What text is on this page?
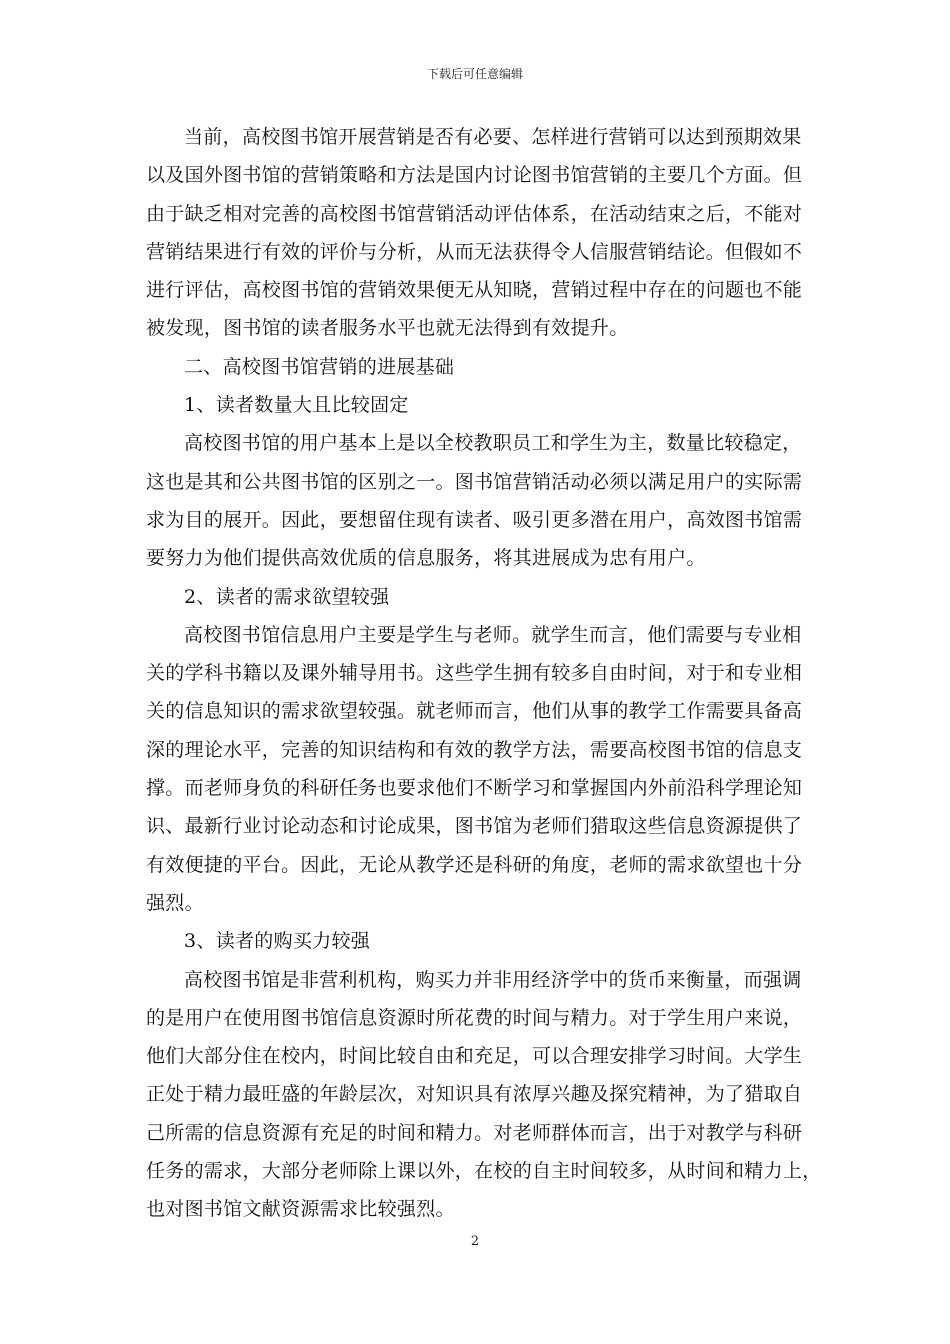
下载后可任意编辑
当前，高校图书馆开展营销是否有必要、怎样进行营销可以达到预期效果
以及国外图书馆的营销策略和方法是国内讨论图书馆营销的主要几个方面。但
由于缺乏相对完善的高校图书馆营销活动评估体系，在活动结束之后，不能对
营销结果进行有效的评价与分析，从而无法获得令人信服营销结论。但假如不
进行评估，高校图书馆的营销效果便无从知晓，营销过程中存在的问题也不能
被发现，图书馆的读者服务水平也就无法得到有效提升。
二、高校图书馆营销的进展基础
1、读者数量大且比较固定
高校图书馆的用户基本上是以全校教职员工和学生为主，数量比较稳定，
这也是其和公共图书馆的区别之一。图书馆营销活动必须以满足用户的实际需
求为目的展开。因此，要想留住现有读者、吸引更多潜在用户，高效图书馆需
要努力为他们提供高效优质的信息服务，将其进展成为忠有用户。
2、读者的需求欲望较强
高校图书馆信息用户主要是学生与老师。就学生而言，他们需要与专业相
关的学科书籍以及课外辅导用书。这些学生拥有较多自由时间，对于和专业相
关的信息知识的需求欲望较强。就老师而言，他们从事的教学工作需要具备高
深的理论水平，完善的知识结构和有效的教学方法，需要高校图书馆的信息支
撑。而老师身负的科研任务也要求他们不断学习和掌握国内外前沿科学理论知
识、最新行业讨论动态和讨论成果，图书馆为老师们猎取这些信息资源提供了
有效便捷的平台。因此，无论从教学还是科研的角度，老师的需求欲望也十分
强烈。
3、读者的购买力较强
高校图书馆是非营利机构，购买力并非用经济学中的货币来衡量，而强调
的是用户在使用图书馆信息资源时所花费的时间与精力。对于学生用户来说，
他们大部分住在校内，时间比较自由和充足，可以合理安排学习时间。大学生
正处于精力最旺盛的年龄层次，对知识具有浓厚兴趣及探究精神，为了猎取自
己所需的信息资源有充足的时间和精力。对老师群体而言，出于对教学与科研
任务的需求，大部分老师除上课以外，在校的自主时间较多，从时间和精力上，
也对图书馆文献资源需求比较强烈。
2
